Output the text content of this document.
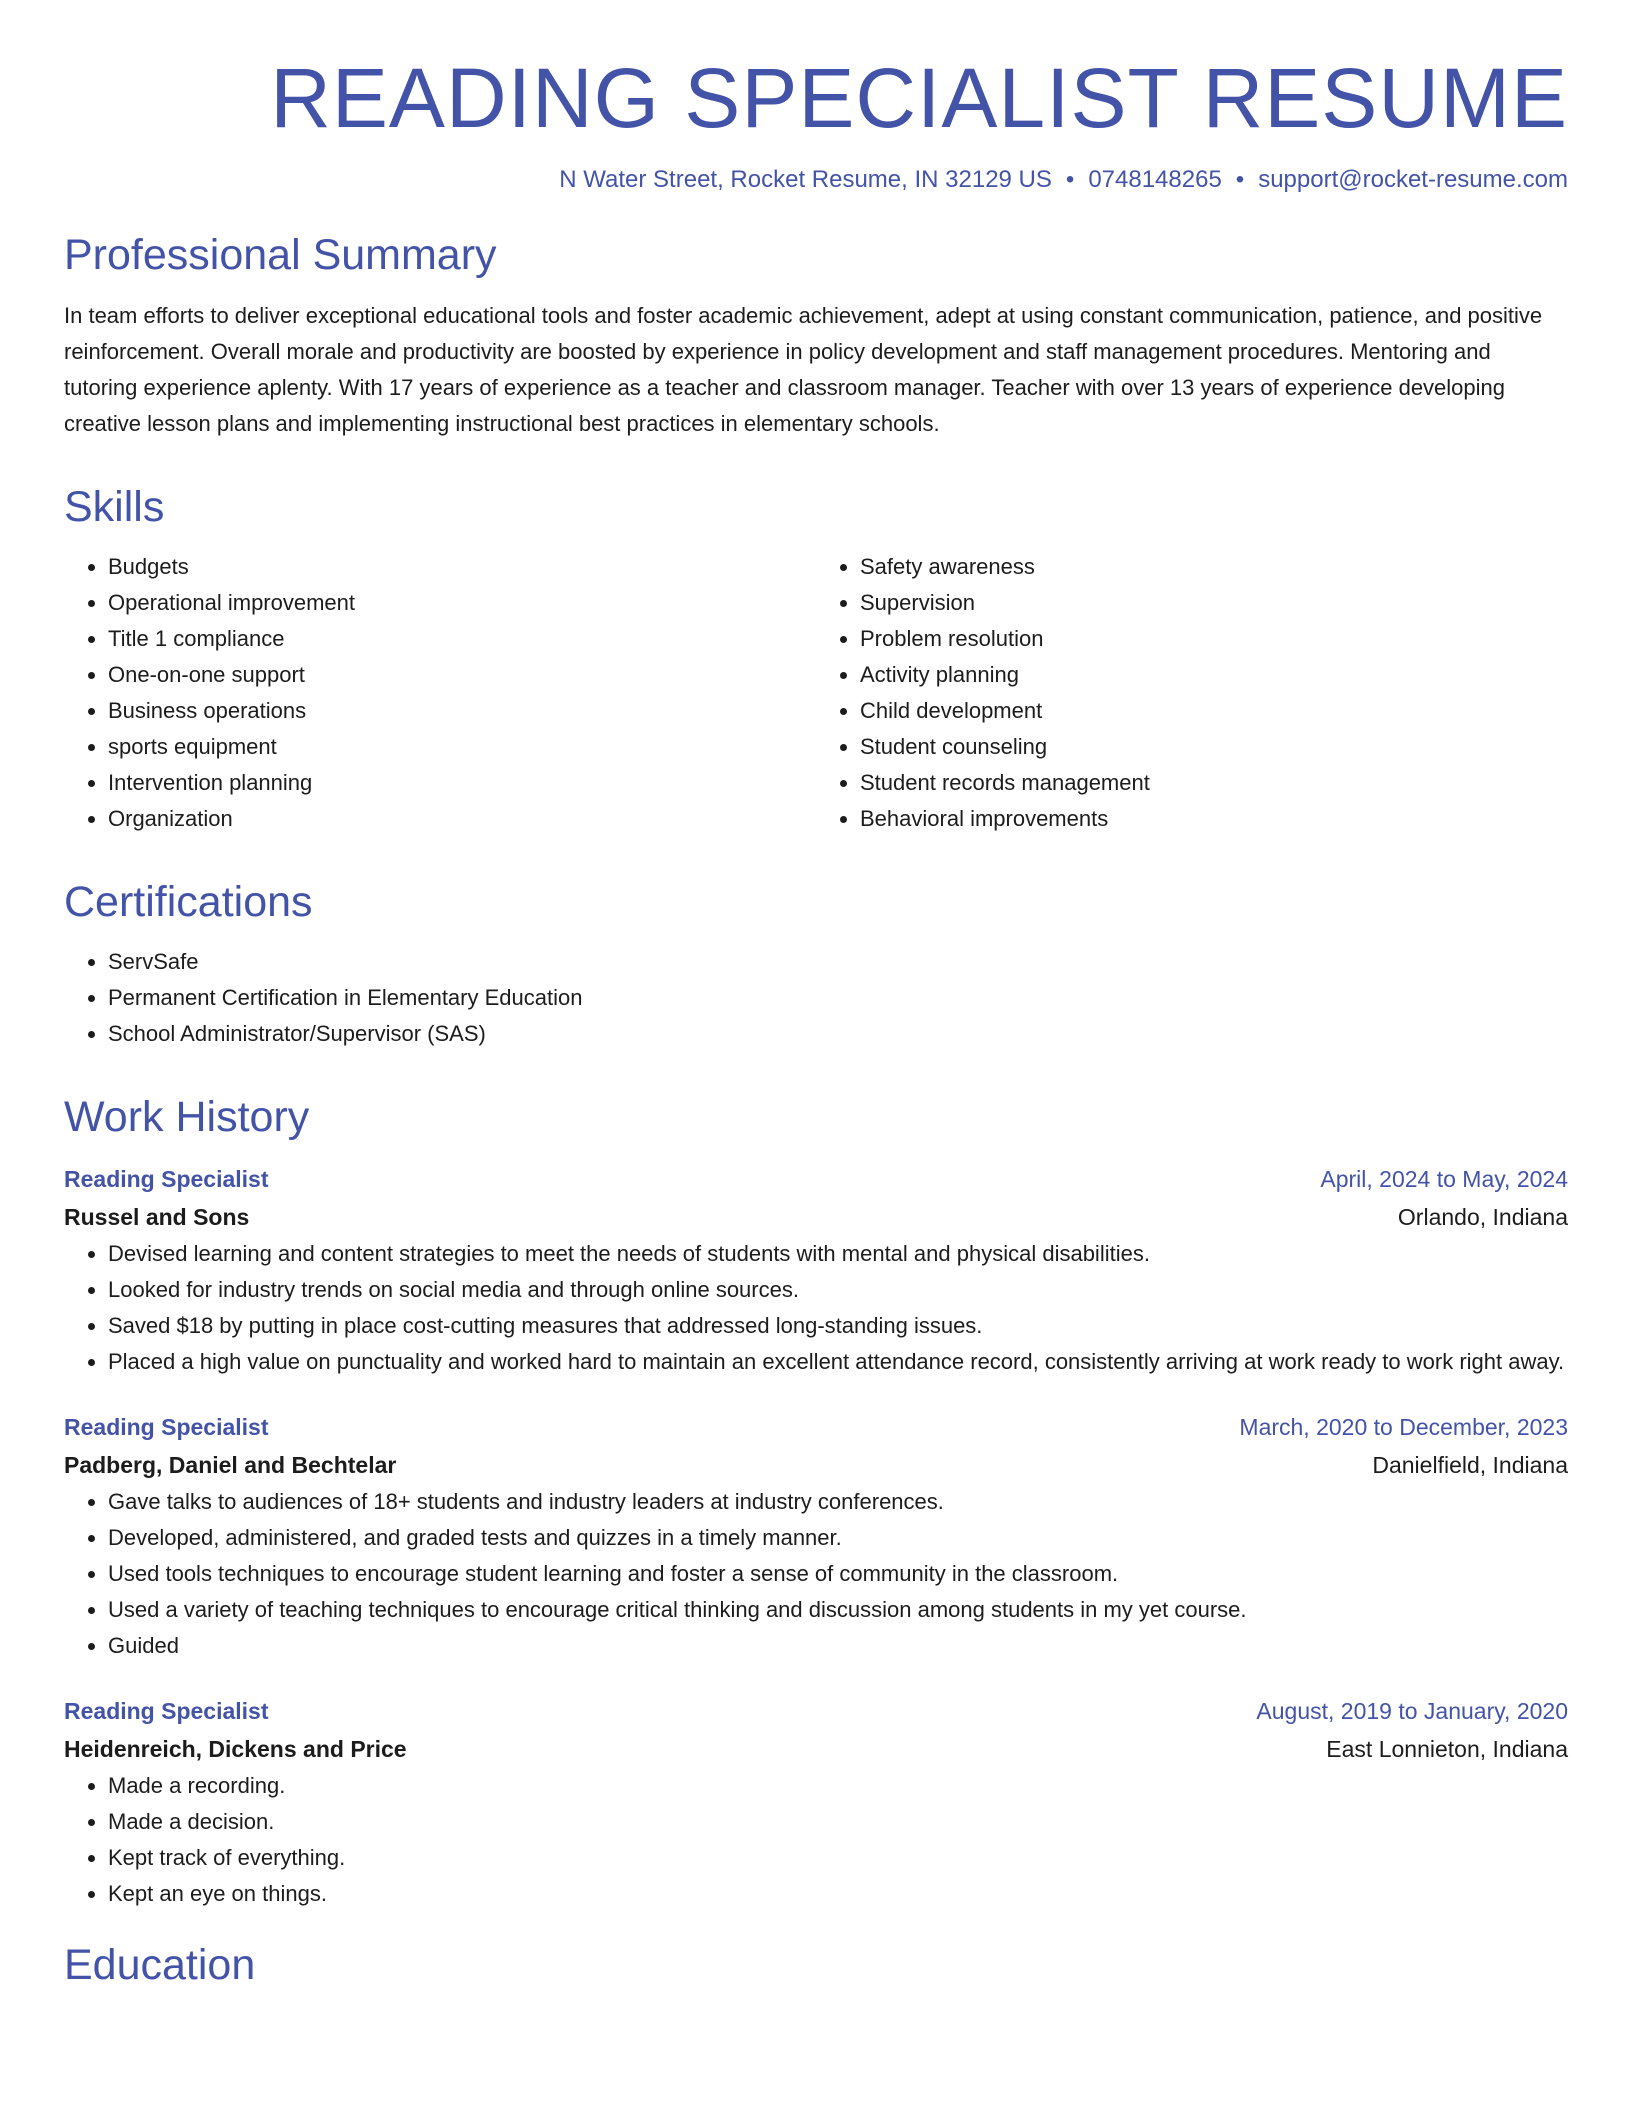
READING SPECIALIST RESUME
N Water Street, Rocket Resume, IN 32129 US • 0748148265 • support@rocket-resume.com
Professional Summary

In team efforts to deliver exceptional educational tools and foster academic achievement, adept at using constant communication, patience, and positive reinforcement. Overall morale and productivity are boosted by experience in policy development and staff management procedures. Mentoring and tutoring experience aplenty. With 17 years of experience as a teacher and classroom manager. Teacher with over 13 years of experience developing creative lesson plans and implementing instructional best practices in elementary schools.

Skills
• Budgets
• Operational improvement
• Title 1 compliance
• One-on-one support
• Business operations
• sports equipment
• Intervention planning
• Organization
• Safety awareness
• Supervision
• Problem resolution
• Activity planning
• Child development
• Student counseling
• Student records management
• Behavioral improvements
Certifications
• ServSafe
• Permanent Certification in Elementary Education
• School Administrator/Supervisor (SAS)
Work History
Reading Specialist	April, 2024 to May, 2024
Russel and Sons	Orlando, Indiana
• Devised learning and content strategies to meet the needs of students with mental and physical disabilities.
• Looked for industry trends on social media and through online sources.
• Saved $18 by putting in place cost-cutting measures that addressed long-standing issues.
• Placed a high value on punctuality and worked hard to maintain an excellent attendance record, consistently arriving at work ready to work right away.
Reading Specialist	March, 2020 to December, 2023
Padberg, Daniel and Bechtelar	Danielfield, Indiana
• Gave talks to audiences of 18+ students and industry leaders at industry conferences.
• Developed, administered, and graded tests and quizzes in a timely manner.
• Used tools techniques to encourage student learning and foster a sense of community in the classroom.
• Used a variety of teaching techniques to encourage critical thinking and discussion among students in my yet course.
• Guided
Reading Specialist	August, 2019 to January, 2020
Heidenreich, Dickens and Price	East Lonnieton, Indiana
• Made a recording.
• Made a decision.
• Kept track of everything.
• Kept an eye on things.
Education
